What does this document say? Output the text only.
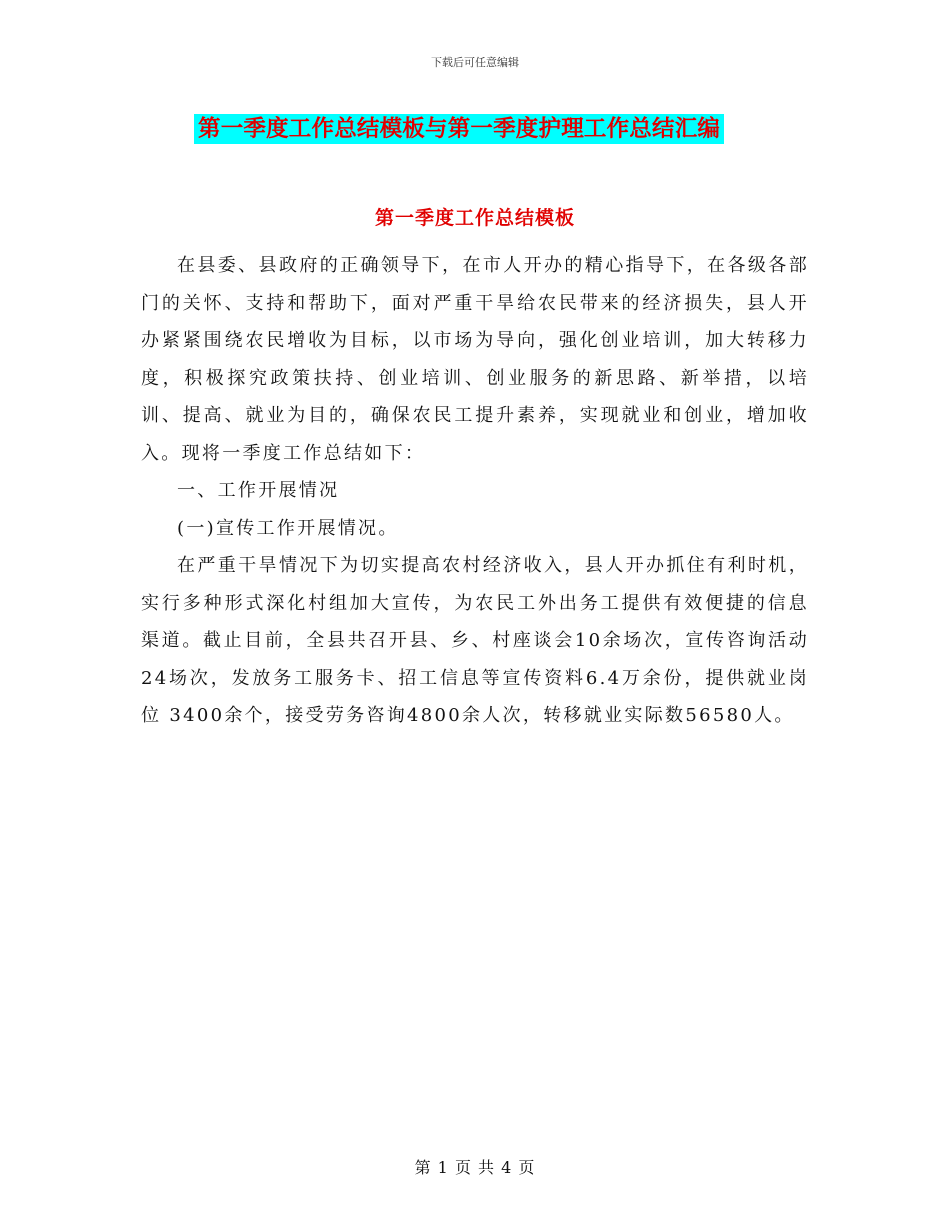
下载后可任意编辑
第一季度工作总结模板与第一季度护理工作总结汇编
第一季度工作总结模板

在县委、县政府的正确领导下，在市人开办的精心指导下，在各级各部门的关怀、支持和帮助下，面对严重干旱给农民带来的经济损失，县人开办紧紧围绕农民增收为目标，以市场为导向，强化创业培训，加大转移力度，积极探究政策扶持、创业培训、创业服务的新思路、新举措，以培训、提高、就业为目的，确保农民工提升素养，实现就业和创业，增加收入。现将一季度工作总结如下：

一、工作开展情况

(一)宣传工作开展情况。

在严重干旱情况下为切实提高农村经济收入，县人开办抓住有利时机，实行多种形式深化村组加大宣传，为农民工外出务工提供有效便捷的信息渠道。截止目前，全县共召开县、乡、村座谈会10余场次，宣传咨询活动24场次，发放务工服务卡、招工信息等宣传资料6.4万余份，提供就业岗位 3400余个，接受劳务咨询4800余人次，转移就业实际数56580人。

第 1 页 共 4 页
